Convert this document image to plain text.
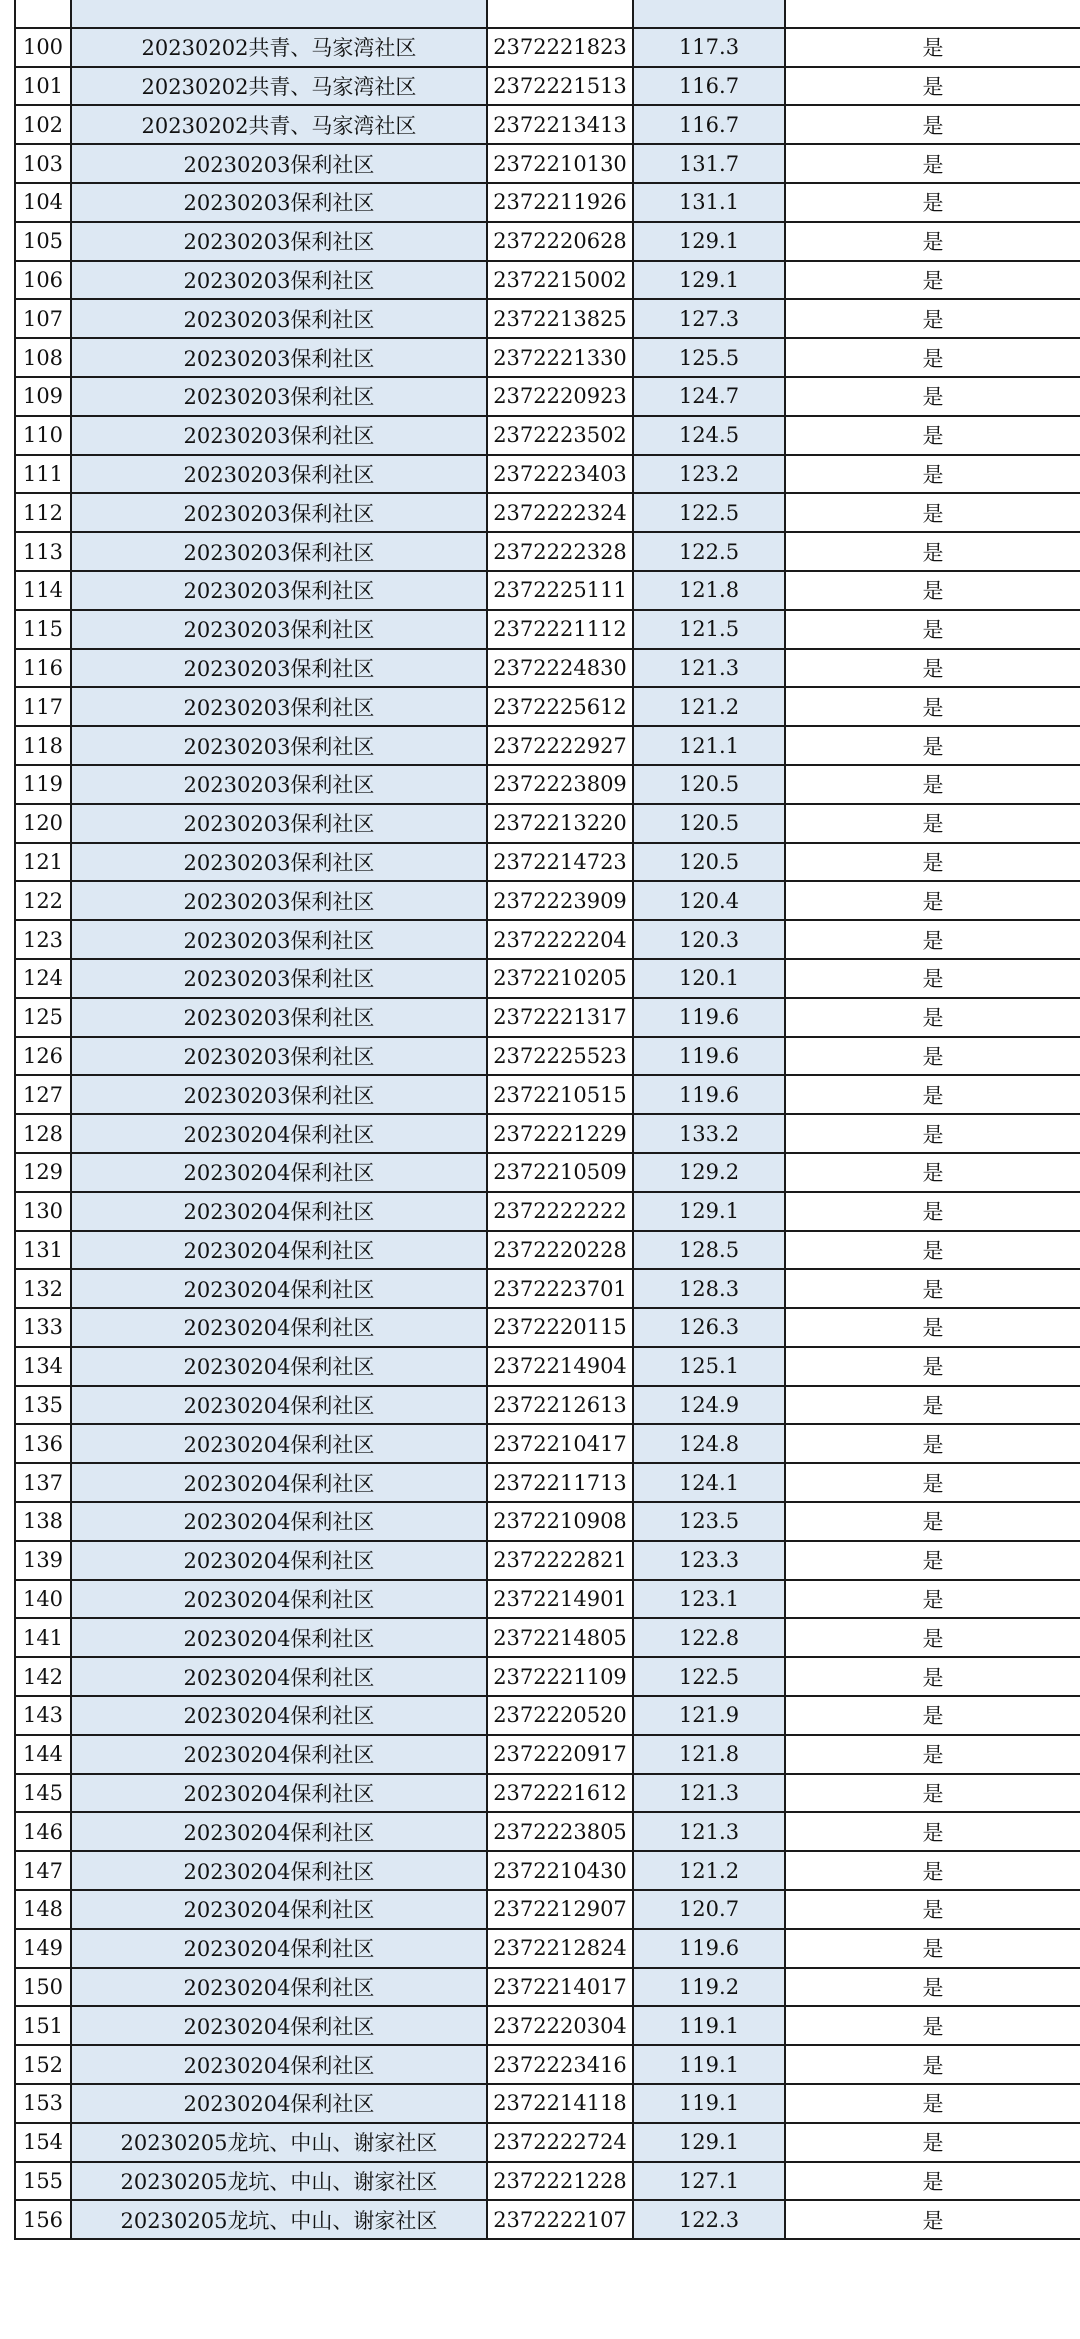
100	20230202共青、马家湾社区	2372221823	117.3	是
101	20230202共青、马家湾社区	2372221513	116.7	是
102	20230202共青、马家湾社区	2372213413	116.7	是
103	20230203保利社区	2372210130	131.7	是
104	20230203保利社区	2372211926	131.1	是
105	20230203保利社区	2372220628	129.1	是
106	20230203保利社区	2372215002	129.1	是
107	20230203保利社区	2372213825	127.3	是
108	20230203保利社区	2372221330	125.5	是
109	20230203保利社区	2372220923	124.7	是
110	20230203保利社区	2372223502	124.5	是
111	20230203保利社区	2372223403	123.2	是
112	20230203保利社区	2372222324	122.5	是
113	20230203保利社区	2372222328	122.5	是
114	20230203保利社区	2372225111	121.8	是
115	20230203保利社区	2372221112	121.5	是
116	20230203保利社区	2372224830	121.3	是
117	20230203保利社区	2372225612	121.2	是
118	20230203保利社区	2372222927	121.1	是
119	20230203保利社区	2372223809	120.5	是
120	20230203保利社区	2372213220	120.5	是
121	20230203保利社区	2372214723	120.5	是
122	20230203保利社区	2372223909	120.4	是
123	20230203保利社区	2372222204	120.3	是
124	20230203保利社区	2372210205	120.1	是
125	20230203保利社区	2372221317	119.6	是
126	20230203保利社区	2372225523	119.6	是
127	20230203保利社区	2372210515	119.6	是
128	20230204保利社区	2372221229	133.2	是
129	20230204保利社区	2372210509	129.2	是
130	20230204保利社区	2372222222	129.1	是
131	20230204保利社区	2372220228	128.5	是
132	20230204保利社区	2372223701	128.3	是
133	20230204保利社区	2372220115	126.3	是
134	20230204保利社区	2372214904	125.1	是
135	20230204保利社区	2372212613	124.9	是
136	20230204保利社区	2372210417	124.8	是
137	20230204保利社区	2372211713	124.1	是
138	20230204保利社区	2372210908	123.5	是
139	20230204保利社区	2372222821	123.3	是
140	20230204保利社区	2372214901	123.1	是
141	20230204保利社区	2372214805	122.8	是
142	20230204保利社区	2372221109	122.5	是
143	20230204保利社区	2372220520	121.9	是
144	20230204保利社区	2372220917	121.8	是
145	20230204保利社区	2372221612	121.3	是
146	20230204保利社区	2372223805	121.3	是
147	20230204保利社区	2372210430	121.2	是
148	20230204保利社区	2372212907	120.7	是
149	20230204保利社区	2372212824	119.6	是
150	20230204保利社区	2372214017	119.2	是
151	20230204保利社区	2372220304	119.1	是
152	20230204保利社区	2372223416	119.1	是
153	20230204保利社区	2372214118	119.1	是
154	20230205龙坑、中山、谢家社区	2372222724	129.1	是
155	20230205龙坑、中山、谢家社区	2372221228	127.1	是
156	20230205龙坑、中山、谢家社区	2372222107	122.3	是
